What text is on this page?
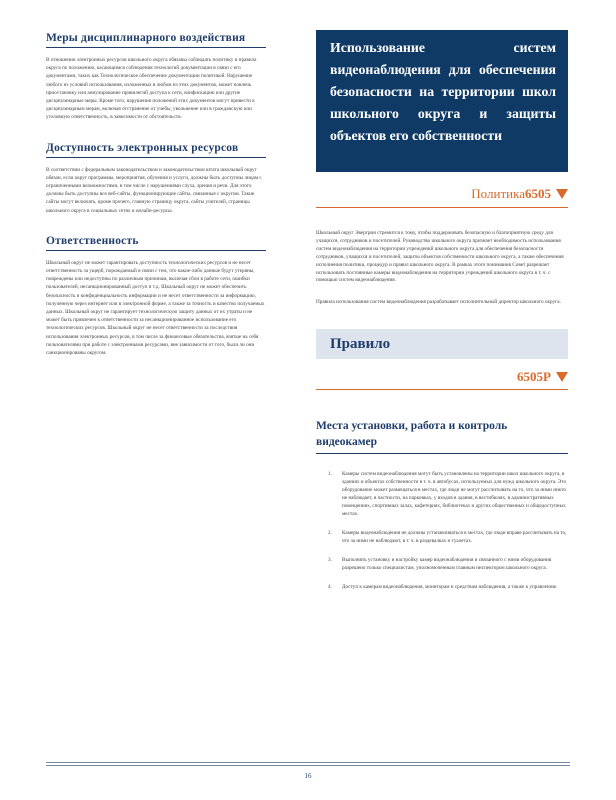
Меры дисциплинарного воздействия

В отношении электронных ресурсов школьного округа обязаны соблюдать политику и правила округа по положению, касающимся соблюдения технологий документации в связи с его документами, таких как Технологическое обеспечение документации политикой. Нарушение любого из условий использования, изложенных в любом из этих документов, может повлечь приостановку или аннулирование привилегий доступа к сети, конфискацию или другие дисциплинарные меры. Кроме того, нарушения положений этих документов могут привести к дисциплинарным мерам, включая отстранение от учебы, увольнение или в гражданскую или уголовную ответственность, в зависимости от обстоятельств.

Доступность электронных ресурсов

В соответствии с федеральным законодательством и законодательством штата школьный округ обязан, если округ программы, мероприятия, обучения и услуги, должны быть доступны лицам с ограниченными возможностями, в том числе с нарушениями слуха, зрения и речи. Для этого должны быть доступны все веб-сайты, функционирующие сайты, связанные с округом. Такие сайты могут включать, кроме прочего, главную страницу округа, сайты учителей, страницы школьного округа в социальных сетях и онлайн-ресурсы.

Ответственность

Школьный округ не может гарантировать доступность технологических ресурсов и не несет ответственность за ущерб, порождаемый в связи с тем, что какие-либо данные будут утеряны, повреждены или недоступны по различным причинам, включая сбои в работе сети, ошибки пользователей, несанкционированный доступ и т.д. Школьный округ не может обеспечить безопасность и конфиденциальность информации и не несет ответственности за информацию, полученную через интернет или в электронной форме, а также за точность и качество получаемых данных. Школьный округ не гарантирует технологическую защиту данных от их утраты и не может быть привлечен к ответственности за несанкционированное использование его технологических ресурсов. Школьный округ не несет ответственности за последствия использования электронных ресурсов, в том числе за финансовые обязательства, взятые на себя пользователями при работе с электронными ресурсами, вне зависимости от того, были ли они санкционированы округом.

Использование систем видеонаблюдения для обеспечения безопасности на территории школ школьного округа и защиты объектов его собственности
Политика6505

Школьный округ Эвергрин стремится к тому, чтобы поддерживать безопасную и благоприятную среду для учащихся, сотрудников и посетителей. Руководство школьного округа признает необходимость использования систем видеонаблюдения на территории учреждений школьного округа для обеспечения безопасности сотрудников, учащихся и посетителей, защиты объектов собственности школьного округа, а также обеспечения исполнения политики, процедур и правил школьного округа. В рамках этого понимания Совет разрешает использовать постоянные камеры видеонаблюдения на территории учреждений школьного округа в т. ч. с помощью систем видеонаблюдения.

Правила использования систем видеонаблюдения разрабатывает исполнительный директор школьного округа.

Правило
6505P
Места установки, работа и контроль видеокамер
1.	Камеры систем видеонаблюдения могут быть установлены на территории школ школьного округа, в зданиях и объектах собственности в т. ч. в автобусах, используемых для нужд школьного округа. Это оборудование может размещаться в местах, где люди не могут рассчитывать на то, что за ними никто не наблюдает, в частности, на парковках, у входов в здания, в вестибюлях, в административных помещениях, спортивных залах, кафетериях, библиотеках и других общественных и общедоступных местах.
2.	Камеры видеонаблюдения не должны устанавливаться в местах, где люди вправе рассчитывать на то, что за ними не наблюдают, в т. ч. в раздевалках и туалетах.
3.	Выполнять установку и настройку камер видеонаблюдения и связанного с ними оборудования разрешено только специалистам, уполномоченным главным инспектором школьного округа.
4.	Доступ к камерам видеонаблюдения, мониторам и средствам наблюдения, а также к управлению
16
